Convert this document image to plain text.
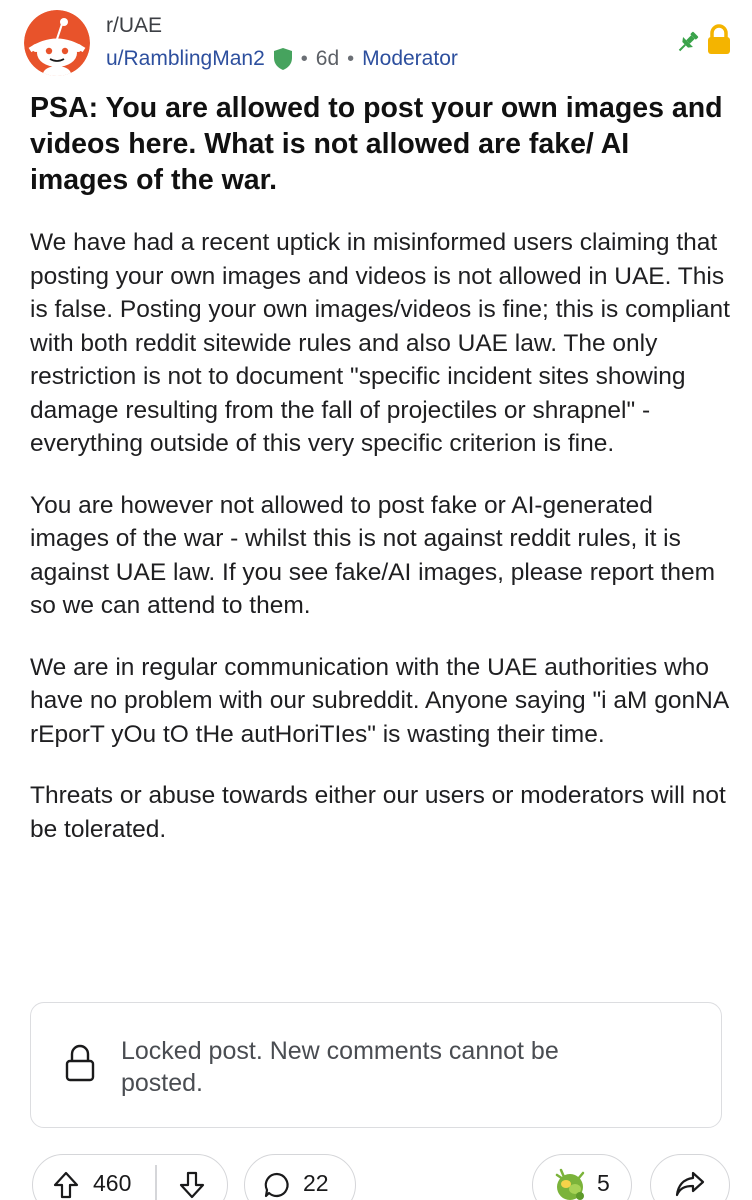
r/UAE
u/RamblingMan2 • 6d • Moderator
PSA: You are allowed to post your own images and videos here. What is not allowed are fake/ AI images of the war.

We have had a recent uptick in misinformed users claiming that posting your own images and videos is not allowed in UAE. This is false. Posting your own images/videos is fine; this is compliant with both reddit sitewide rules and also UAE law. The only restriction is not to document "specific incident sites showing damage resulting from the fall of projectiles or shrapnel" - everything outside of this very specific criterion is fine.

You are however not allowed to post fake or AI-generated images of the war - whilst this is not against reddit rules, it is against UAE law. If you see fake/AI images, please report them so we can attend to them.

We are in regular communication with the UAE authorities who have no problem with our subreddit. Anyone saying "i aM gonNA rEporT yOu tO tHe autHoriTIes" is wasting their time.

Threats or abuse towards either our users or moderators will not be tolerated.

Locked post. New comments cannot be posted.
460	22	5
